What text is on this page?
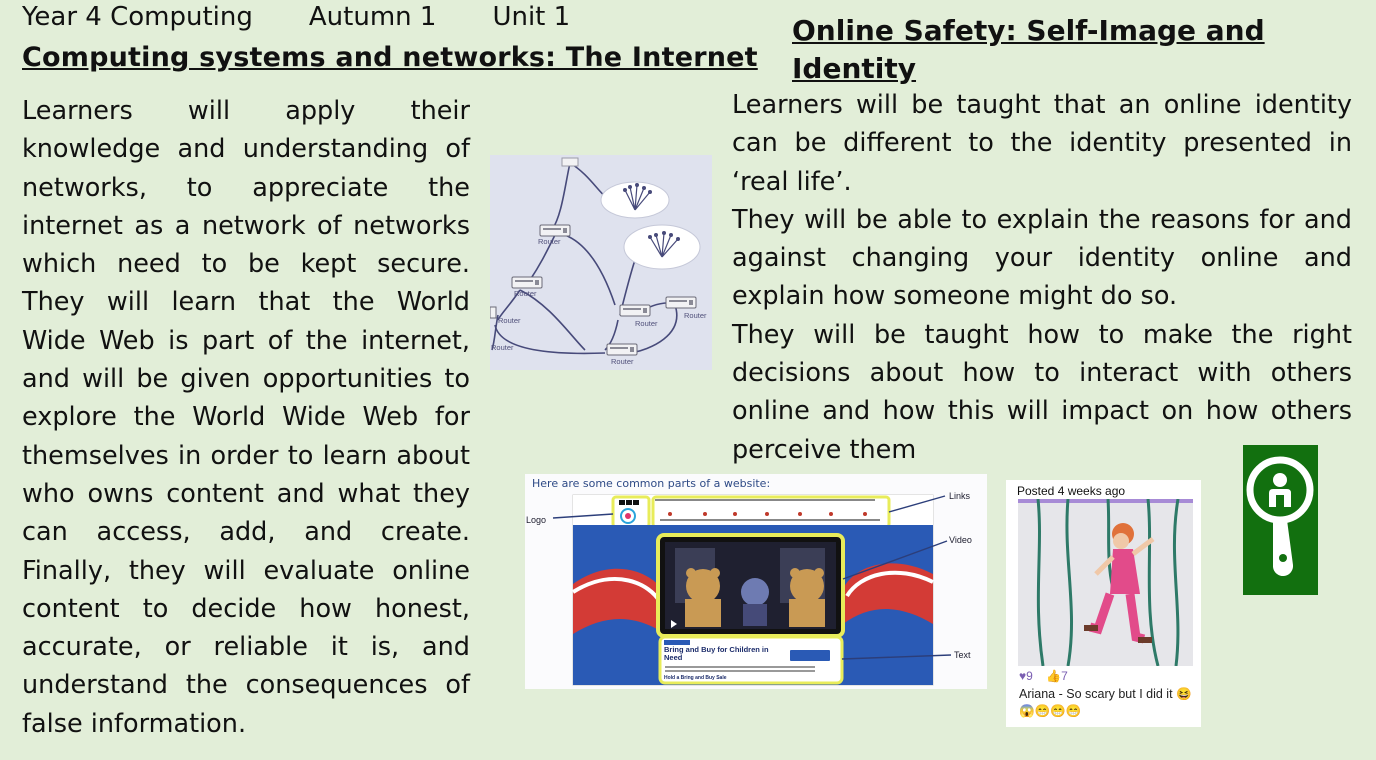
Year 4 Computing Autumn 1 Unit 1
Computing systems and networks: The Internet
Online Safety: Self-Image and Identity
Learners will apply their knowledge and understanding of networks, to appreciate the internet as a network of networks which need to be kept secure. They will learn that the World Wide Web is part of the internet, and will be given opportunities to explore the World Wide Web for themselves in order to learn about who owns content and what they can access, add, and create. Finally, they will evaluate online content to decide how honest, accurate, or reliable it is, and understand the consequences of false information.

Learners will be taught that an online identity can be different to the identity presented in ‘real life’.

They will be able to explain the reasons for and against changing your identity online and explain how someone might do so.

They will be taught how to make the right decisions about how to interact with others online and how this will impact on how others perceive them

Router
Router
Router
Router
Router
Router
Router
Here are some common parts of a website:
Links
Logo
Video
Text
Bring and Buy for Children in Need
Hold a Bring and Buy Sale
Posted 4 weeks ago
♥9 👍7
Ariana - So scary but I did it 😆😱😁😁😁
